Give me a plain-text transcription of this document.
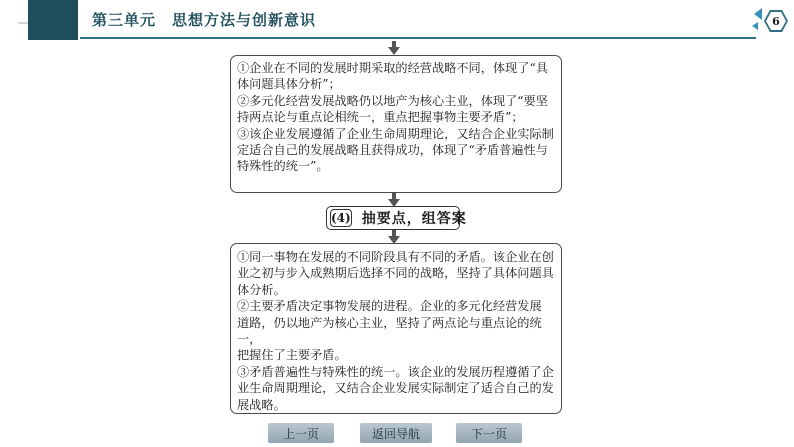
第三单元　思想方法与创新意识	6
①企业在不同的发展时期采取的经营战略不同，体现了“具
体问题具体分析”；
②多元化经营发展战略仍以地产为核心主业，体现了“要坚
持两点论与重点论相统一，重点把握事物主要矛盾”；
③该企业发展遵循了企业生命周期理论，又结合企业实际制
定适合自己的发展战略且获得成功，体现了“矛盾普遍性与
特殊性的统一”。
(4) 抽要点，组答案
①同一事物在发展的不同阶段具有不同的矛盾。该企业在创
业之初与步入成熟期后选择不同的战略，坚持了具体问题具
体分析。
②主要矛盾决定事物发展的进程。企业的多元化经营发展
道路，仍以地产为核心主业，坚持了两点论与重点论的统一，
把握住了主要矛盾。
③矛盾普遍性与特殊性的统一。该企业的发展历程遵循了企
业生命周期理论，又结合企业发展实际制定了适合自己的发
展战略。
上一页	返回导航	下一页
